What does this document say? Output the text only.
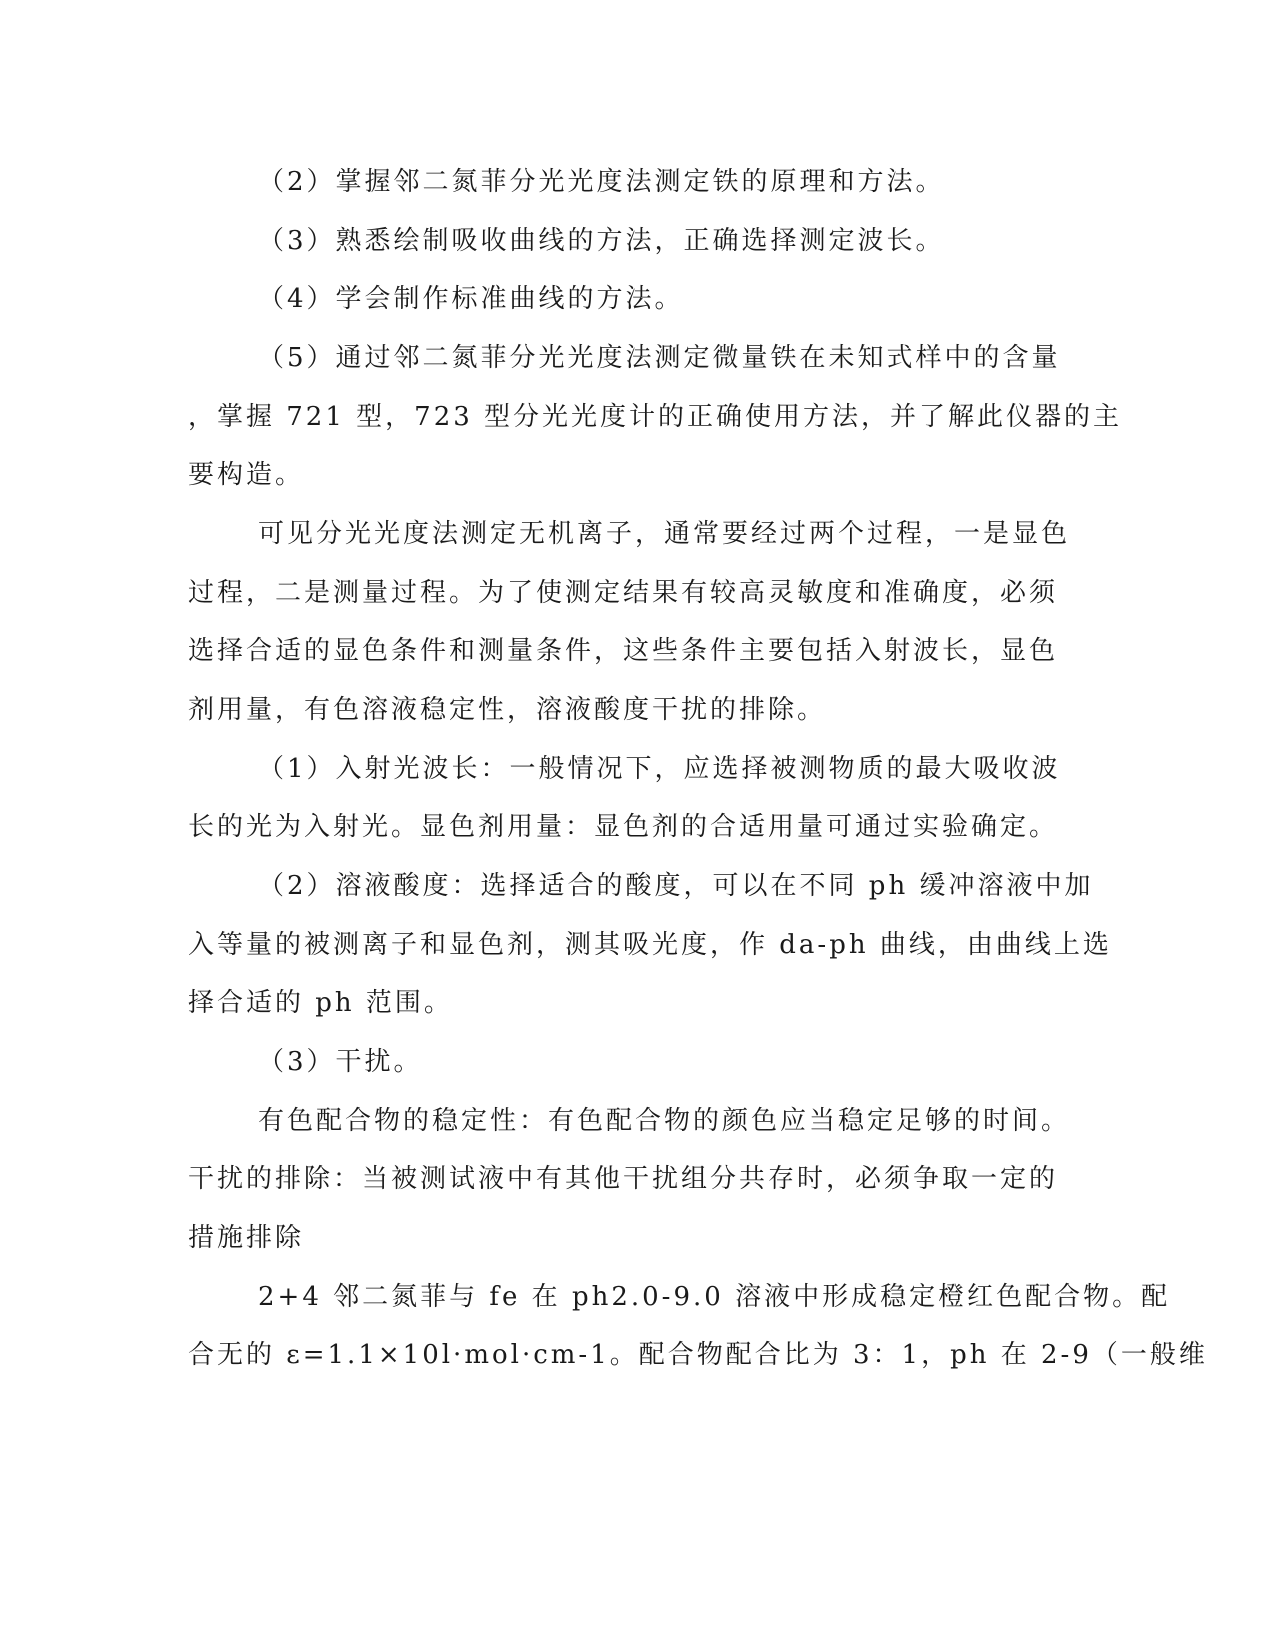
（2）掌握邻二氮菲分光光度法测定铁的原理和方法。
（3）熟悉绘制吸收曲线的方法，正确选择测定波长。
（4）学会制作标准曲线的方法。
（5）通过邻二氮菲分光光度法测定微量铁在未知式样中的含量
，掌握 721 型，723 型分光光度计的正确使用方法，并了解此仪器的主
要构造。
可见分光光度法测定无机离子，通常要经过两个过程，一是显色
过程，二是测量过程。为了使测定结果有较高灵敏度和准确度，必须
选择合适的显色条件和测量条件，这些条件主要包括入射波长，显色
剂用量，有色溶液稳定性，溶液酸度干扰的排除。
（1）入射光波长：一般情况下，应选择被测物质的最大吸收波
长的光为入射光。显色剂用量：显色剂的合适用量可通过实验确定。
（2）溶液酸度：选择适合的酸度，可以在不同 ph 缓冲溶液中加
入等量的被测离子和显色剂，测其吸光度，作 da-ph 曲线，由曲线上选
择合适的 ph 范围。
（3）干扰。
有色配合物的稳定性：有色配合物的颜色应当稳定足够的时间。
干扰的排除：当被测试液中有其他干扰组分共存时，必须争取一定的
措施排除
2+4 邻二氮菲与 fe 在 ph2.0-9.0 溶液中形成稳定橙红色配合物。配
合无的 ε=1.1×10l·mol·cm-1。配合物配合比为 3：1，ph 在 2-9（一般维
